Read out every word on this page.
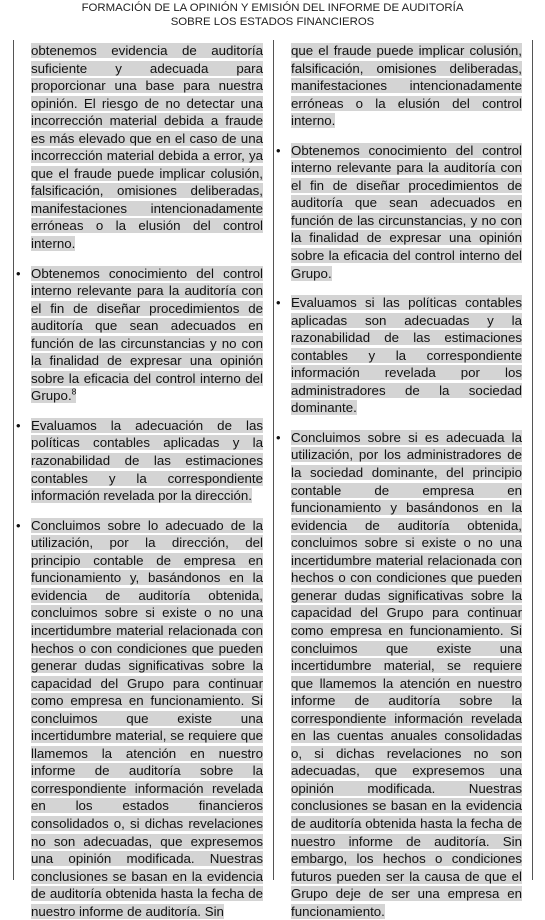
FORMACIÓN DE LA OPINIÓN Y EMISIÓN DEL INFORME DE AUDITORÍA
SOBRE LOS ESTADOS FINANCIEROS

obtenemos evidencia de auditoría suficiente y adecuada para proporcionar una base para nuestra opinión. El riesgo de no detectar una incorrección material debida a fraude es más elevado que en el caso de una incorrección material debida a error, ya que el fraude puede implicar colusión, falsificación, omisiones deliberadas, manifestaciones intencionadamente erróneas o la elusión del control interno.

• Obtenemos conocimiento del control interno relevante para la auditoría con el fin de diseñar procedimientos de auditoría que sean adecuados en función de las circunstancias y no con la finalidad de expresar una opinión sobre la eficacia del control interno del Grupo.$^8$

• Evaluamos la adecuación de las políticas contables aplicadas y la razonabilidad de las estimaciones contables y la correspondiente información revelada por la dirección.

• Concluimos sobre lo adecuado de la utilización, por la dirección, del principio contable de empresa en funcionamiento y, basándonos en la evidencia de auditoría obtenida, concluimos sobre si existe o no una incertidumbre material relacionada con hechos o con condiciones que pueden generar dudas significativas sobre la capacidad del Grupo para continuar como empresa en funcionamiento. Si concluimos que existe una incertidumbre material, se requiere que llamemos la atención en nuestro informe de auditoría sobre la correspondiente información revelada en los estados financieros consolidados o, si dichas revelaciones no son adecuadas, que expresemos una opinión modificada. Nuestras conclusiones se basan en la evidencia de auditoría obtenida hasta la fecha de nuestro informe de auditoría. Sin

que el fraude puede implicar colusión, falsificación, omisiones deliberadas, manifestaciones intencionadamente erróneas o la elusión del control interno.

• Obtenemos conocimiento del control interno relevante para la auditoría con el fin de diseñar procedimientos de auditoría que sean adecuados en función de las circunstancias, y no con la finalidad de expresar una opinión sobre la eficacia del control interno del Grupo.

• Evaluamos si las políticas contables aplicadas son adecuadas y la razonabilidad de las estimaciones contables y la correspondiente información revelada por los administradores de la sociedad dominante.

• Concluimos sobre si es adecuada la utilización, por los administradores de la sociedad dominante, del principio contable de empresa en funcionamiento y basándonos en la evidencia de auditoría obtenida, concluimos sobre si existe o no una incertidumbre material relacionada con hechos o con condiciones que pueden generar dudas significativas sobre la capacidad del Grupo para continuar como empresa en funcionamiento. Si concluimos que existe una incertidumbre material, se requiere que llamemos la atención en nuestro informe de auditoría sobre la correspondiente información revelada en las cuentas anuales consolidadas o, si dichas revelaciones no son adecuadas, que expresemos una opinión modificada. Nuestras conclusiones se basan en la evidencia de auditoría obtenida hasta la fecha de nuestro informe de auditoría. Sin embargo, los hechos o condiciones futuros pueden ser la causa de que el Grupo deje de ser una empresa en funcionamiento.
